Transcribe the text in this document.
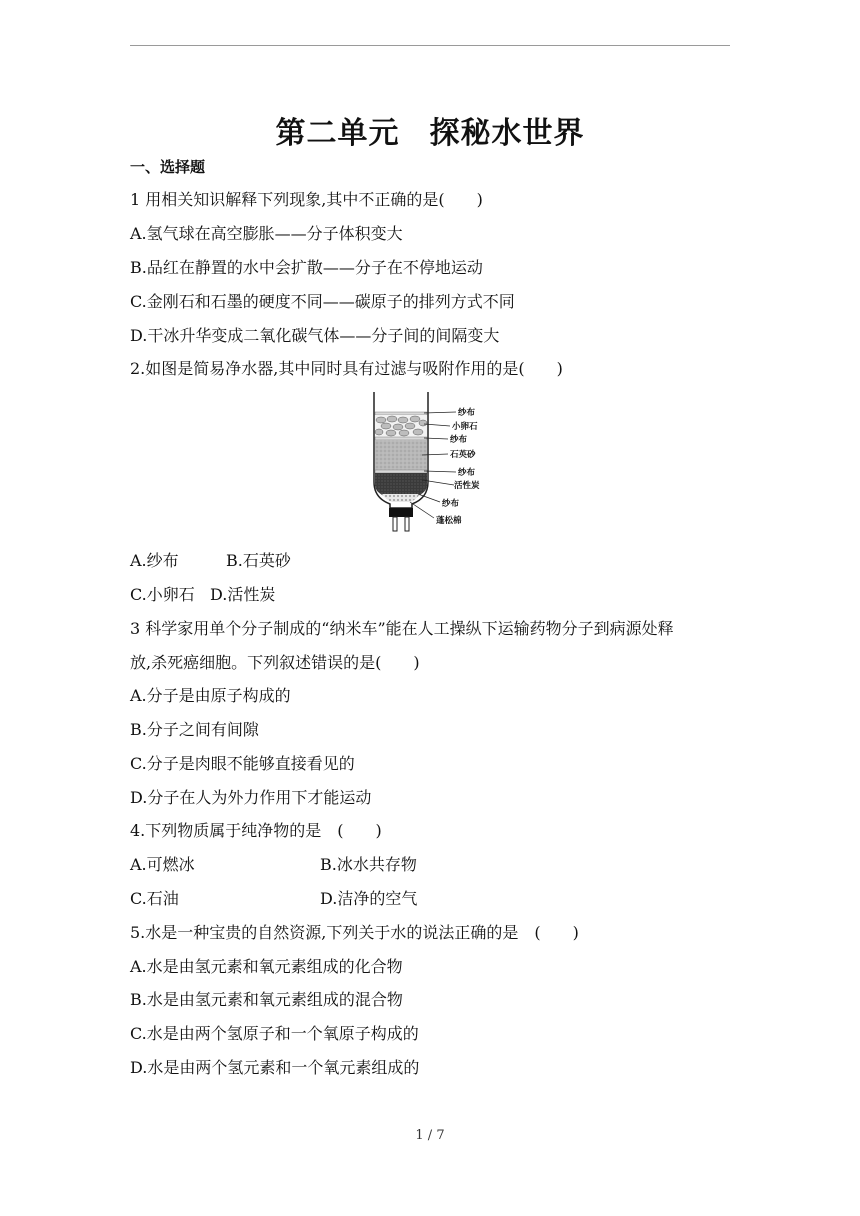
第二单元 探秘水世界
一、选择题
1 用相关知识解释下列现象,其中不正确的是(　　)
A.氢气球在高空膨胀——分子体积变大
B.品红在静置的水中会扩散——分子在不停地运动
C.金刚石和石墨的硬度不同——碳原子的排列方式不同
D.干冰升华变成二氧化碳气体——分子间的间隔变大
2.如图是简易净水器,其中同时具有过滤与吸附作用的是(　　)
纱布
小卵石
纱布
石英砂
纱布
活性炭
纱布
蓬松棉
A.纱布	B.石英砂
C.小卵石 D.活性炭
3 科学家用单个分子制成的“纳米车”能在人工操纵下运输药物分子到病源处释
放,杀死癌细胞。下列叙述错误的是(　　)
A.分子是由原子构成的
B.分子之间有间隙
C.分子是肉眼不能够直接看见的
D.分子在人为外力作用下才能运动
4.下列物质属于纯净物的是　(　　)
A.可燃冰	B.冰水共存物
C.石油	D.洁净的空气
5.水是一种宝贵的自然资源,下列关于水的说法正确的是　(　　)
A.水是由氢元素和氧元素组成的化合物
B.水是由氢元素和氧元素组成的混合物
C.水是由两个氢原子和一个氧原子构成的
D.水是由两个氢元素和一个氧元素组成的
1 / 7
